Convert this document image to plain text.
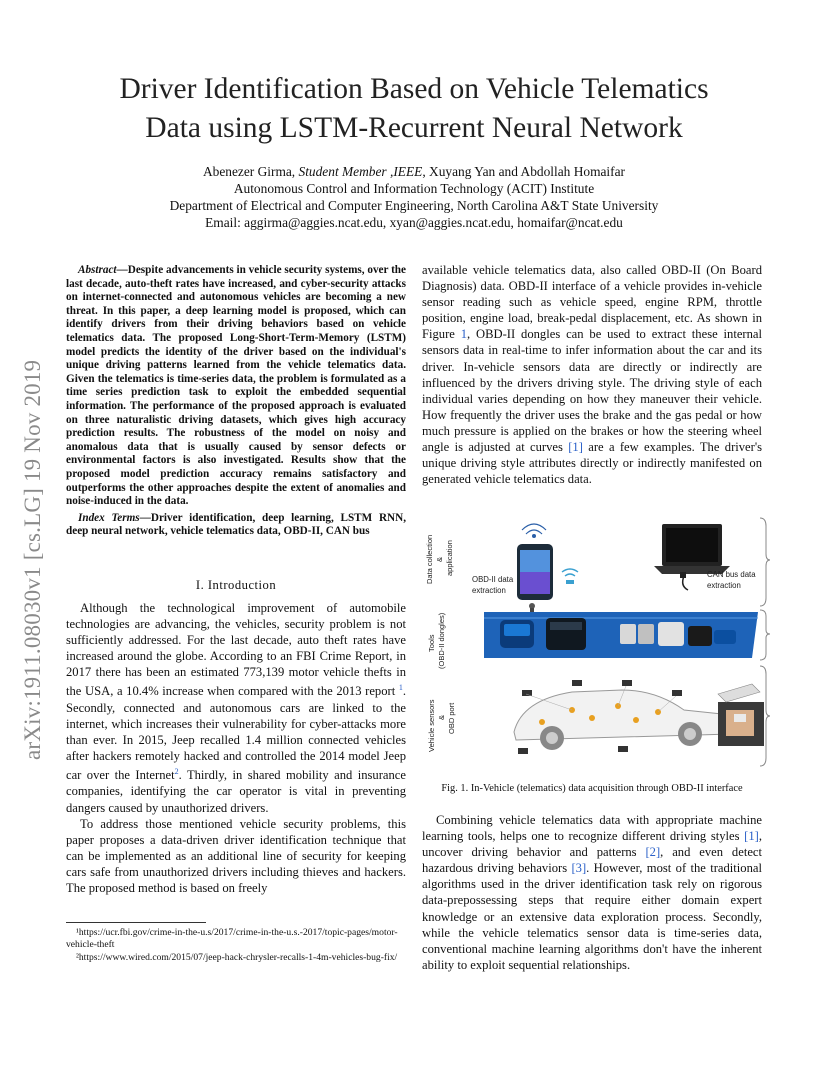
arXiv:1911.08030v1 [cs.LG] 19 Nov 2019
Driver Identification Based on Vehicle Telematics
Data using LSTM-Recurrent Neural Network
Abenezer Girma, Student Member ,IEEE, Xuyang Yan and Abdollah Homaifar
Autonomous Control and Information Technology (ACIT) Institute
Department of Electrical and Computer Engineering, North Carolina A&T State University
Email: aggirma@aggies.ncat.edu, xyan@aggies.ncat.edu, homaifar@ncat.edu

Abstract—Despite advancements in vehicle security systems, over the last decade, auto-theft rates have increased, and cyber-security attacks on internet-connected and autonomous vehicles are becoming a new threat. In this paper, a deep learning model is proposed, which can identify drivers from their driving behaviors based on vehicle telematics data. The proposed Long-Short-Term-Memory (LSTM) model predicts the identity of the driver based on the individual's unique driving patterns learned from the vehicle telematics data. Given the telematics is time-series data, the problem is formulated as a time series prediction task to exploit the embedded sequential information. The performance of the proposed approach is evaluated on three naturalistic driving datasets, which gives high accuracy prediction results. The robustness of the model on noisy and anomalous data that is usually caused by sensor defects or environmental factors is also investigated. Results show that the proposed model prediction accuracy remains satisfactory and outperforms the other approaches despite the extent of anomalies and noise-induced in the data.

Index Terms—Driver identification, deep learning, LSTM RNN, deep neural network, vehicle telematics data, OBD-II, CAN bus

I. Introduction

Although the technological improvement of automobile technologies are advancing, the vehicles, security problem is not sufficiently addressed. For the last decade, auto theft rates have increased around the globe. According to an FBI Crime Report, in 2017 there has been an estimated 773,139 motor vehicle thefts in the USA, a 10.4% increase when compared with the 2013 report $^1$. Secondly, connected and autonomous cars are linked to the internet, which increases their vulnerability for cyber-attacks more than ever. In 2015, Jeep recalled 1.4 million connected vehicles after hackers remotely hacked and controlled the 2014 model Jeep car over the Internet$^2$. Thirdly, in shared mobility and insurance companies, identifying the car operator is vital in preventing dangers caused by unauthorized drivers.

To address those mentioned vehicle security problems, this paper proposes a data-driven driver identification technique that can be implemented as an additional line of security for keeping cars safe from unauthorized drivers including thieves and hackers. The proposed method is based on freely

¹https://ucr.fbi.gov/crime-in-the-u.s/2017/crime-in-the-u.s.-2017/topic-pages/motor-vehicle-theft

²https://www.wired.com/2015/07/jeep-hack-chrysler-recalls-1-4m-vehicles-bug-fix/

available vehicle telematics data, also called OBD-II (On Board Diagnosis) data. OBD-II interface of a vehicle provides in-vehicle sensor reading such as vehicle speed, engine RPM, throttle position, engine load, break-pedal displacement, etc. As shown in Figure 1, OBD-II dongles can be used to extract these internal sensors data in real-time to infer information about the car and its driver. In-vehicle sensors data are directly or indirectly are influenced by the drivers driving style. The driving style of each individual varies depending on how they maneuver their vehicle. How frequently the driver uses the brake and the gas pedal or how much pressure is applied on the brakes or how the steering wheel angle is adjusted at curves [1] are a few examples. The driver's unique driving style attributes directly or indirectly manifested on generated vehicle telematics data.

Data collection & application
Tools (OBD-II dongles)
Vehicle sensors & OBD port
OBD-II data
extraction
CAN bus data
extraction
Fig. 1. In-Vehicle (telematics) data acquisition through OBD-II interface

Combining vehicle telematics data with appropriate machine learning tools, helps one to recognize different driving styles [1], uncover driving behavior and patterns [2], and even detect hazardous driving behaviors [3]. However, most of the traditional algorithms used in the driver identification task rely on rigorous data-prepossessing steps that require either domain expert knowledge or an extensive data exploration process. Secondly, while the vehicle telematics sensor data is time-series data, conventional machine learning algorithms don't have the inherent ability to exploit sequential relationships.
